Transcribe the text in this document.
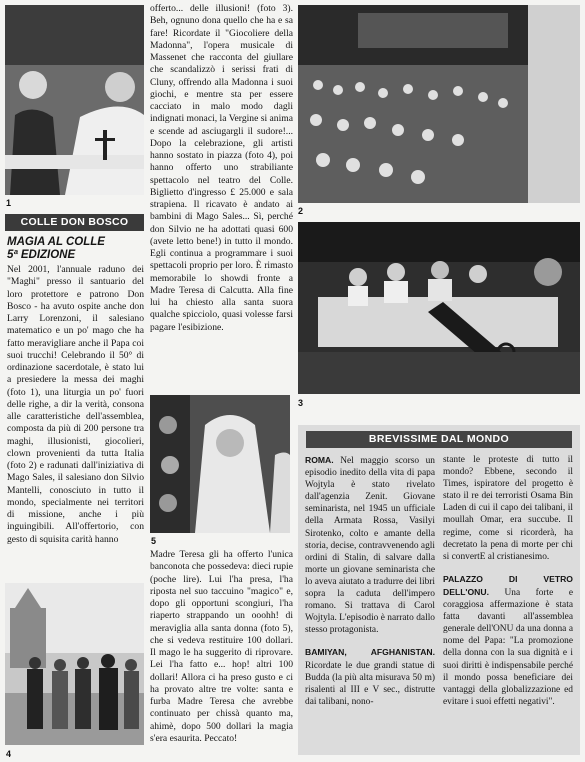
1
COLLE DON BOSCO

MAGIA AL COLLE

5ª EDIZIONE

Nel 2001, l'annuale raduno dei "Maghi" presso il santuario del loro protettore e patrono Don Bosco - ha avuto ospite anche don Larry Lorenzoni, il salesiano matematico e un po' mago che ha fatto meravigliare anche il Papa coi suoi trucchi! Celebrando il 50° di ordinazione sacerdotale, è stato lui a presiedere la messa dei maghi (foto 1), una liturgia un po' fuori delle righe, a dir la verità, consona alle caratteristiche dell'assemblea, composta da più di 200 persone tra maghi, illusionisti, giocolieri, clown provenienti da tutta Italia (foto 2) e radunati dall'iniziativa di Mago Sales, il salesiano don Silvio Mantelli, conosciuto in tutto il mondo, specialmente nei territori di missione, anche i più inguingibili. All'offertorio, con gesto di squisita carità hanno

4

offerto... delle illusioni! (foto 3). Beh, ognuno dona quello che ha e sa fare! Ricordate il "Giocoliere della Madonna", l'opera musicale di Massenet che racconta del giullare che scandalizzò i serissi frati di Cluny, offrendo alla Madonna i suoi giochi, e mentre sta per essere cacciato in malo modo dagli indignati monaci, la Vergine si anima e scende ad asciugargli il sudore!... Dopo la celebrazione, gli artisti hanno sostato in piazza (foto 4), poi hanno offerto uno strabiliante spettacolo nel teatro del Colle. Biglietto d'ingresso £ 25.000 e sala strapiena. Il ricavato è andato ai bambini di Mago Sales... Sì, perché don Silvio ne ha adottati quasi 600 (avete letto bene!) in tutto il mondo. Egli continua a programmare i suoi spettacoli proprio per loro. È rimasto memorabile lo showdi fronte a Madre Teresa di Calcutta. Alla fine lui ha chiesto alla santa suora qualche spicciolo, quasi volesse farsi pagare l'esibizione.

5

Madre Teresa gli ha offerto l'unica banconota che possedeva: dieci rupie (poche lire). Lui l'ha presa, l'ha riposta nel suo taccuino "magico" e, dopo gli opportuni scongiuri, l'ha riaperto strappando un ooohh! di meraviglia alla santa donna (foto 5), che si vedeva restituire 100 dollari. Il mago le ha suggerito di riprovare. Lei l'ha fatto e... hop! altri 100 dollari! Allora ci ha preso gusto e ci ha provato altre tre volte: santa e furba Madre Teresa che avrebbe continuato per chissà quanto ma, ahimè, dopo 500 dollari la magia s'era esaurita. Peccato!

2
3
BREVISSIME DAL MONDO

ROMA. Nel maggio scorso un episodio inedito della vita di papa Wojtyla è stato rivelato dall'agenzia Zenit. Giovane seminarista, nel 1945 un ufficiale della Armata Rossa, Vasilyi Sirotenko, colto e amante della storia, decise, contravvenendo agli ordini di Stalin, di salvare dalla morte un giovane seminarista che lo aveva aiutato a tradurre dei libri sopra la caduta dell'impero romano. Si trattava di Carol Wojtyla. L'episodio è narrato dallo stesso protagonista.

BAMIYAN, AFGHANISTAN. Ricordate le due grandi statue di Budda (la più alta misurava 50 m) risalenti al III e V sec., distrutte dai talibani, nono-

stante le proteste di tutto il mondo? Ebbene, secondo il Times, ispiratore del progetto è stato il re dei terroristi Osama Bin Laden di cui il capo dei talibani, il moullah Omar, era succube. Il regime, come si ricorderà, ha decretato la pena di morte per chi si convertE al cristianesimo.

PALAZZO DI VETRO DELL'ONU. Una forte e coraggiosa affermazione è stata fatta davanti all'assemblea generale dell'ONU da una donna a nome del Papa: "La promozione della donna con la sua dignità e i suoi diritti è indispensabile perché il mondo possa beneficiare dei vantaggi della globalizzazione ed evitare i suoi effetti negativi".
